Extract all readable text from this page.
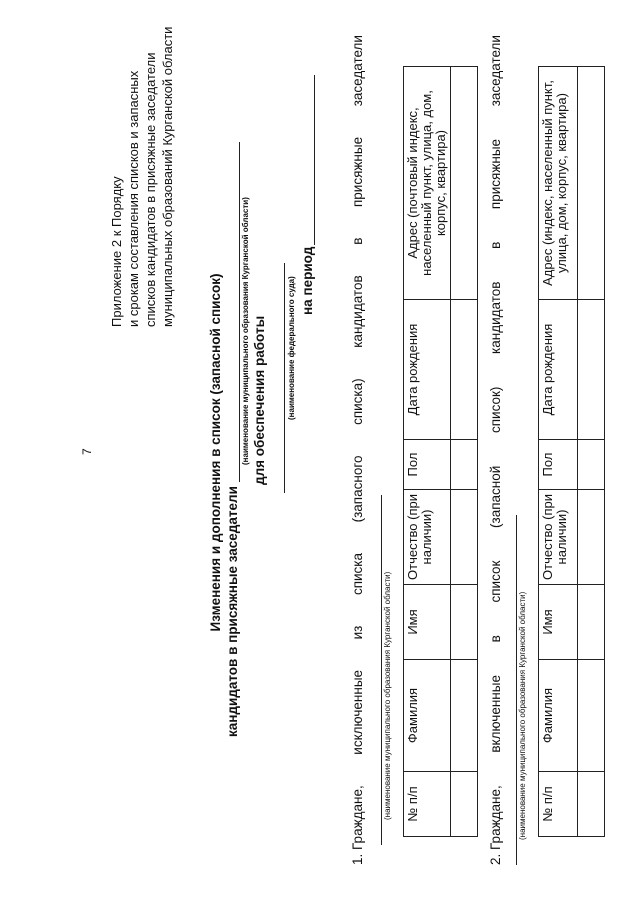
7
Приложение 2 к Порядку и срокам составления списков и запасных списков кандидатов в присяжные заседатели муниципальных образований Курганской области
Изменения и дополнения в список (запасной список) кандидатов в присяжные заседатели
(наименование муниципального образования Курганской области) для обеспечения работы	(наименование федерального суда) на период
1. Граждане,
исключенные
из
списка
(запасного
списка)
кандидатов
в
присяжные
заседатели
(наименование муниципального образования Курганской области) № п/п	Фамилия	Имя	Отчество (при наличии)	Пол	Дата рождения	Адрес (почтовый индекс, населенный пункт, улица, дом, корпус, квартира)

2. Граждане,
включенные
в
список
(запасной
список)
кандидатов
в
присяжные
заседатели
(наименование муниципального образования Курганской области) № п/п	Фамилия	Имя	Отчество (при наличии)	Пол	Дата рождения	Адрес (индекс, населенный пункт, улица, дом, корпус, квартира)
